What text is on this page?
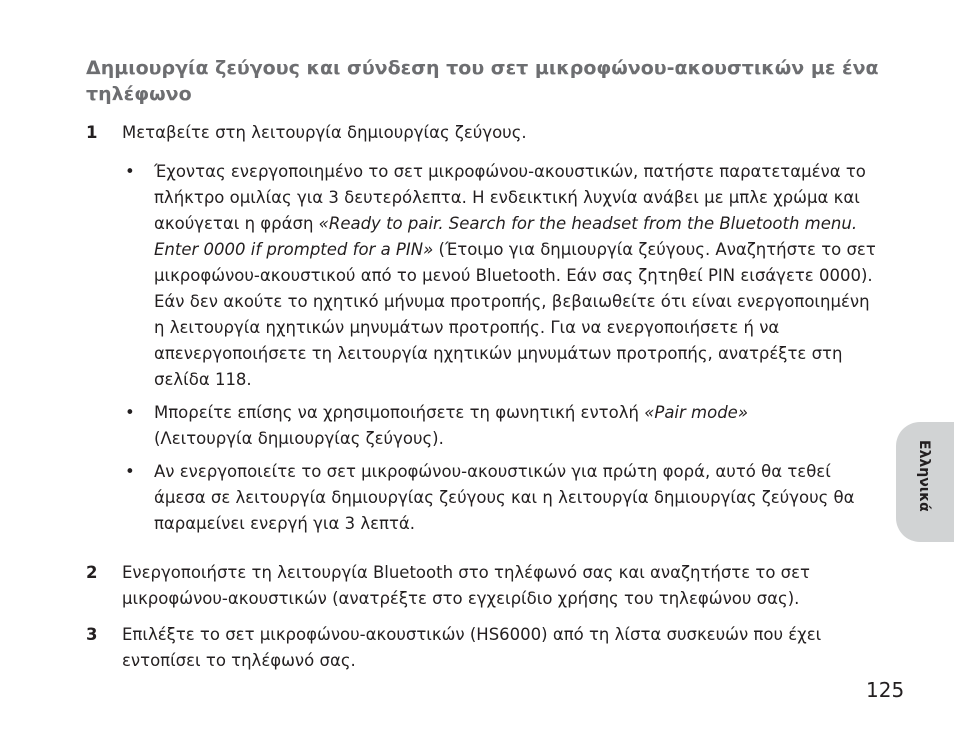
Δημιουργία ζεύγους και σύνδεση του σετ μικροφώνου-ακουστικών με ένα τηλέφωνο
1 Μεταβείτε στη λειτουργία δημιουργίας ζεύγους.
• Έχοντας ενεργοποιημένο το σετ μικροφώνου-ακουστικών, πατήστε παρατεταμένα το πλήκτρο ομιλίας για 3 δευτερόλεπτα. Η ενδεικτική λυχνία ανάβει με μπλε χρώμα και ακούγεται η φράση «Ready to pair. Search for the headset from the Bluetooth menu. Enter 0000 if prompted for a PIN» (Έτοιμο για δημιουργία ζεύγους. Αναζητήστε το σετ μικροφώνου-ακουστικού από το μενού Bluetooth. Εάν σας ζητηθεί PIN εισάγετε 0000). Εάν δεν ακούτε το ηχητικό μήνυμα προτροπής, βεβαιωθείτε ότι είναι ενεργοποιημένη η λειτουργία ηχητικών μηνυμάτων προτροπής. Για να ενεργοποιήσετε ή να απενεργοποιήσετε τη λειτουργία ηχητικών μηνυμάτων προτροπής, ανατρέξτε στη σελίδα 118.
• Μπορείτε επίσης να χρησιμοποιήσετε τη φωνητική εντολή «Pair mode»
(Λειτουργία δημιουργίας ζεύγους).
• Αν ενεργοποιείτε το σετ μικροφώνου-ακουστικών για πρώτη φορά, αυτό θα τεθεί άμεσα σε λειτουργία δημιουργίας ζεύγους και η λειτουργία δημιουργίας ζεύγους θα παραμείνει ενεργή για 3 λεπτά.
2 Ενεργοποιήστε τη λειτουργία Bluetooth στο τηλέφωνό σας και αναζητήστε το σετ μικροφώνου-ακουστικών (ανατρέξτε στο εγχειρίδιο χρήσης του τηλεφώνου σας).
3 Επιλέξτε το σετ μικροφώνου-ακουστικών (HS6000) από τη λίστα συσκευών που έχει εντοπίσει το τηλέφωνό σας.
Ελληνικά
125
